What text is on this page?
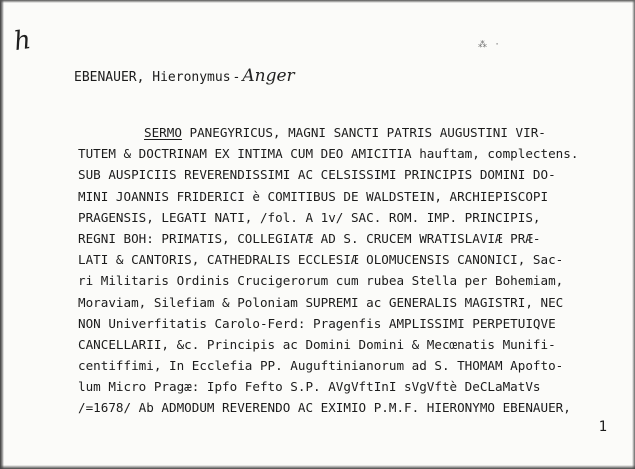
h	⁂ ·
EBENAUER, Hieronymus - Anger
SERMO PANEGYRICUS, MAGNI SANCTI PATRIS AUGUSTINI VIR-
TUTEM & DOCTRINAM EX INTIMA CUM DEO AMICITIA hauftam, complectens.
SUB AUSPICIIS REVERENDISSIMI AC CELSISSIMI PRINCIPIS DOMINI DO-
MINI JOANNIS FRIDERICI è COMITIBUS DE WALDSTEIN, ARCHIEPISCOPI
PRAGENSIS, LEGATI NATI, /fol. A 1v/ SAC. ROM. IMP. PRINCIPIS,
REGNI BOH: PRIMATIS, COLLEGIATÆ AD S. CRUCEM WRATISLAVIÆ PRÆ-
LATI & CANTORIS, CATHEDRALIS ECCLESIÆ OLOMUCENSIS CANONICI, Sac-
ri Militaris Ordinis Crucigerorum cum rubea Stella per Bohemiam,
Moraviam, Silefiam & Poloniam SUPREMI ac GENERALIS MAGISTRI, NEC
NON Univerfitatis Carolo-Ferd: Pragenfis AMPLISSIMI PERPETUIQVE
CANCELLARII, &c. Principis ac Domini Domini & Mecœnatis Munifi-
centiffimi, In Ecclefia PP. Auguftinianorum ad S. THOMAM Apofto-
lum Micro Pragæ: Ipfo Fefto S.P. AVgVftInI sVgVftè DeCLaMatVs
/=1678/ Ab ADMODUM REVERENDO AC EXIMIO P.M.F. HIERONYMO EBENAUER,
1
